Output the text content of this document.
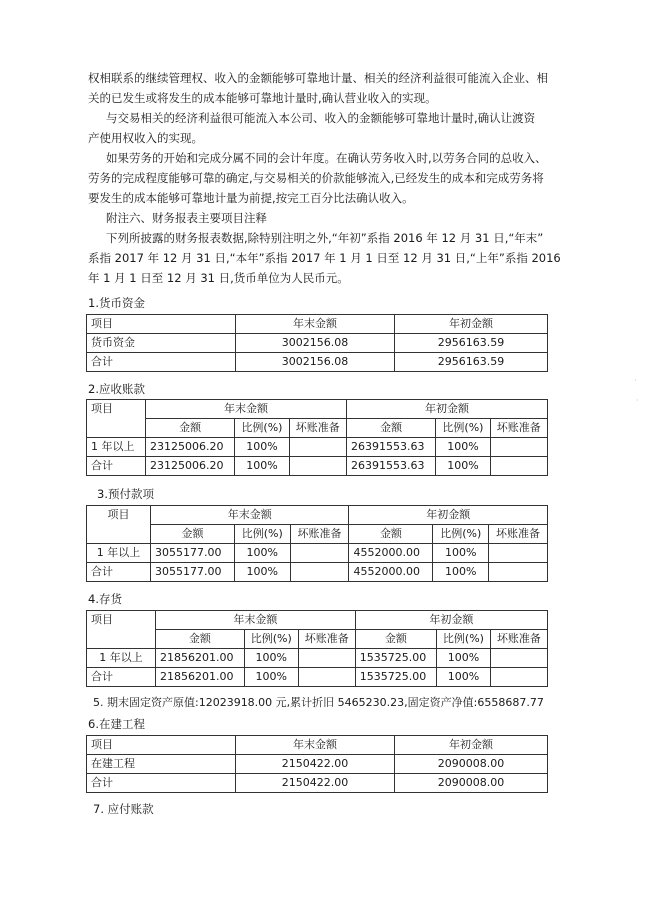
权相联系的继续管理权、收入的金额能够可靠地计量、相关的经济利益很可能流入企业、相

关的已发生或将发生的成本能够可靠地计量时,确认营业收入的实现。

与交易相关的经济利益很可能流入本公司、收入的金额能够可靠地计量时,确认让渡资

产使用权收入的实现。

如果劳务的开始和完成分属不同的会计年度。在确认劳务收入时,以劳务合同的总收入、

劳务的完成程度能够可靠的确定,与交易相关的价款能够流入,已经发生的成本和完成劳务将

要发生的成本能够可靠地计量为前提,按完工百分比法确认收入。

附注六、财务报表主要项目注释

下列所披露的财务报表数据,除特别注明之外,“年初”系指 2016 年 12 月 31 日,“年末”

系指 2017 年 12 月 31 日,“本年”系指 2017 年 1 月 1 日至 12 月 31 日,“上年”系指 2016

年 1 月 1 日至 12 月 31 日,货币单位为人民币元。

1.货币资金
项目	年末金额	年初金额
货币资金	3002156.08	2956163.59
合计	3002156.08	2956163.59
2.应收账款
项目	年末金额			年初金额		
	金额	比例(%)	坏账准备	金额	比例(%)	坏账准备
1 年以上	23125006.20	100%		26391553.63	100%	
合计	23125006.20	100%		26391553.63	100%	
3.预付款项
项目	年末金额			年初金额		
	金额	比例(%)	坏账准备	金额	比例(%)	坏账准备
1 年以上	3055177.00	100%		4552000.00	100%	
合计	3055177.00	100%		4552000.00	100%	
4.存货
项目	年末金额			年初金额		
	金额	比例(%)	坏账准备	金额	比例(%)	坏账准备
1 年以上	21856201.00	100%		1535725.00	100%	
合计	21856201.00	100%		1535725.00	100%	
5. 期末固定资产原值:12023918.00 元,累计折旧 5465230.23,固定资产净值:6558687.77
6.在建工程
项目	年末金额	年初金额
在建工程	2150422.00	2090008.00
合计	2150422.00	2090008.00
7. 应付账款
·
·
